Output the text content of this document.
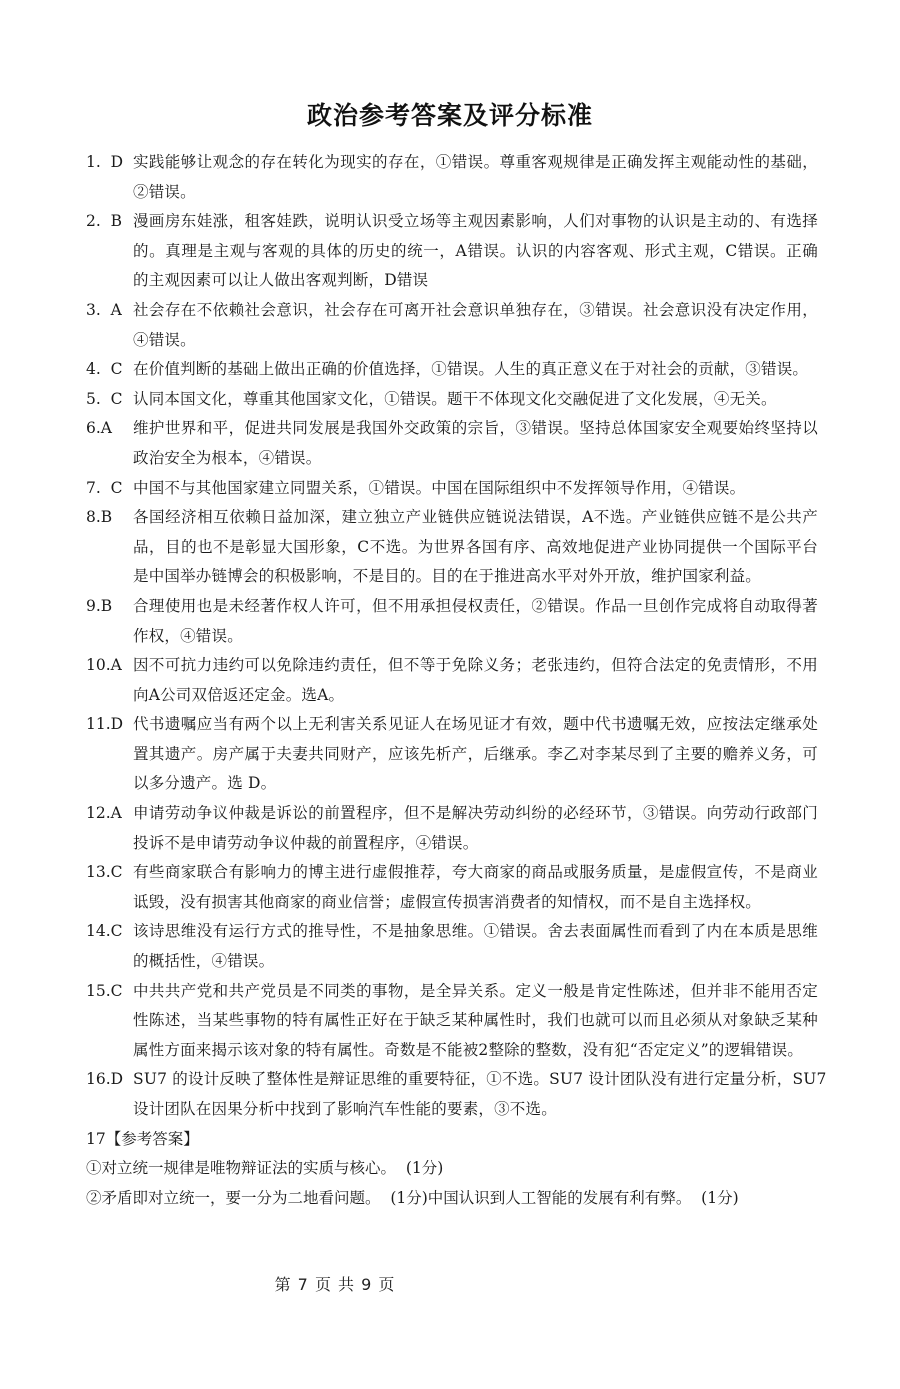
政治参考答案及评分标准
1.  D 实践能够让观念的存在转化为现实的存在，①错误。尊重客观规律是正确发挥主观能动性的基础，
②错误。
2.  B 漫画房东娃涨，租客娃跌，说明认识受立场等主观因素影响，人们对事物的认识是主动的、有选择
的。真理是主观与客观的具体的历史的统一，A错误。认识的内容客观、形式主观，C错误。正确
的主观因素可以让人做出客观判断，D错误
3.  A 社会存在不依赖社会意识，社会存在可离开社会意识单独存在，③错误。社会意识没有决定作用，
④错误。
4.  C 在价值判断的基础上做出正确的价值选择，①错误。人生的真正意义在于对社会的贡献，③错误。
5.  C 认同本国文化，尊重其他国家文化，①错误。题干不体现文化交融促进了文化发展，④无关。
6.A	维护世界和平，促进共同发展是我国外交政策的宗旨，③错误。坚持总体国家安全观要始终坚持以
政治安全为根本，④错误。
7.  C 中国不与其他国家建立同盟关系，①错误。中国在国际组织中不发挥领导作用，④错误。
8.B	各国经济相互依赖日益加深，建立独立产业链供应链说法错误，A不选。产业链供应链不是公共产
品，目的也不是彰显大国形象，C不选。为世界各国有序、高效地促进产业协同提供一个国际平台
是中国举办链博会的积极影响，不是目的。目的在于推进高水平对外开放，维护国家利益。
9.B	合理使用也是未经著作权人许可，但不用承担侵权责任，②错误。作品一旦创作完成将自动取得著
作权，④错误。
10.A 因不可抗力违约可以免除违约责任，但不等于免除义务；老张违约，但符合法定的免责情形，不用
向A公司双倍返还定金。选A。
11.D 代书遗嘱应当有两个以上无利害关系见证人在场见证才有效，题中代书遗嘱无效，应按法定继承处
置其遗产。房产属于夫妻共同财产，应该先析产，后继承。李乙对李某尽到了主要的赡养义务，可
以多分遗产。选 D。
12.A 申请劳动争议仲裁是诉讼的前置程序，但不是解决劳动纠纷的必经环节，③错误。向劳动行政部门
投诉不是申请劳动争议仲裁的前置程序，④错误。
13.C 有些商家联合有影响力的博主进行虚假推荐，夸大商家的商品或服务质量，是虚假宣传，不是商业
诋毁，没有损害其他商家的商业信誉；虚假宣传损害消费者的知情权，而不是自主选择权。
14.C 该诗思维没有运行方式的推导性，不是抽象思维。①错误。舍去表面属性而看到了内在本质是思维
的概括性，④错误。
15.C 中共共产党和共产党员是不同类的事物，是全异关系。定义一般是肯定性陈述，但并非不能用否定
性陈述，当某些事物的特有属性正好在于缺乏某种属性时，我们也就可以而且必须从对象缺乏某种
属性方面来揭示该对象的特有属性。奇数是不能被2整除的整数，没有犯“否定定义”的逻辑错误。
16.D SU7 的设计反映了整体性是辩证思维的重要特征，①不选。SU7 设计团队没有进行定量分析，SU7
设计团队在因果分析中找到了影响汽车性能的要素，③不选。
17【参考答案】
①对立统一规律是唯物辩证法的实质与核心。  (1分)
②矛盾即对立统一，要一分为二地看问题。  (1分)中国认识到人工智能的发展有利有弊。  (1分)
第 7 页 共 9 页
